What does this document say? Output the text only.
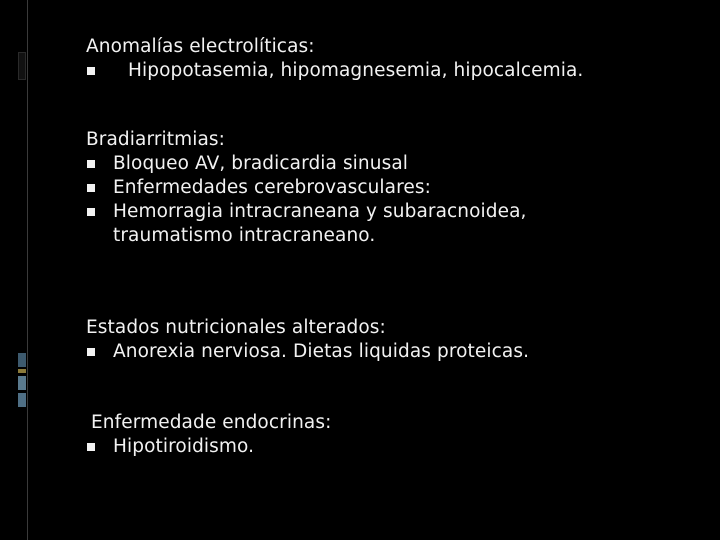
Anomalías electrolíticas:
Hipopotasemia, hipomagnesemia, hipocalcemia.
Bradiarritmias:
Bloqueo AV, bradicardia sinusal
Enfermedades cerebrovasculares:
Hemorragia intracraneana y subaracnoidea,
traumatismo intracraneano.
Estados nutricionales alterados:
Anorexia nerviosa. Dietas liquidas proteicas.
Enfermedade endocrinas:
Hipotiroidismo.
